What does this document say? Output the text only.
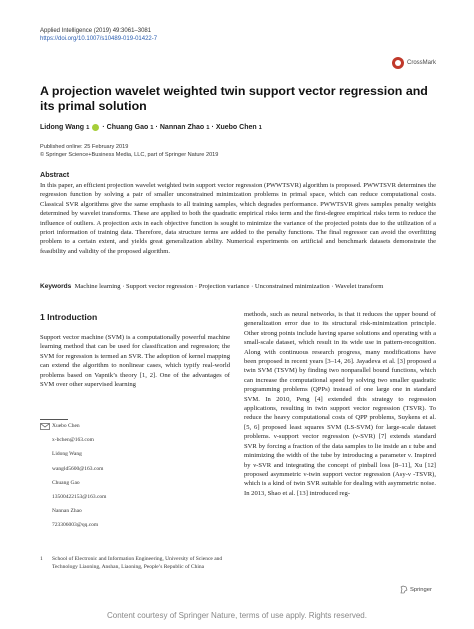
Applied Intelligence (2019) 49:3061–3081
https://doi.org/10.1007/s10489-019-01422-7
CrossMark
A projection wavelet weighted twin support vector regression and its primal solution
Lidong Wang 1 · Chuang Gao 1 · Nannan Zhao 1 · Xuebo Chen 1
Published online: 25 February 2019
© Springer Science+Business Media, LLC, part of Springer Nature 2019
Abstract
In this paper, an efficient projection wavelet weighted twin support vector regression (PWWTSVR) algorithm is proposed. PWWTSVR determines the regression function by solving a pair of smaller unconstrained minimization problems in primal space, which can reduce computational costs. Classical SVR algorithms give the same emphasis to all training samples, which degrades performance. PWWTSVR gives samples penalty weights determined by wavelet transforms. These are applied to both the quadratic empirical risks term and the first-degree empirical risks term to reduce the influence of outliers. A projection axis in each objective function is sought to minimize the variance of the projected points due to the utilization of a priori information of training data. Therefore, data structure terms are added to the penalty functions. The final regressor can avoid the overfitting problem to a certain extent, and yields great generalization ability. Numerical experiments on artificial and benchmark datasets demonstrate the feasibility and validity of the proposed algorithm.
Keywords Machine learning · Support vector regression · Projection variance · Unconstrained minimization · Wavelet transform
1 Introduction
Support vector machine (SVM) is a computationally powerful machine learning method that can be used for classification and regression; the SVM for regression is termed an SVR. The adoption of kernel mapping can extend the algorithm to nonlinear cases, which typify real-world problems based on Vapnik’s theory [1, 2]. One of the advantages of SVM over other supervised learning
methods, such as neural networks, is that it reduces the upper bound of generalization error due to its structural risk-minimization principle. Other strong points include having sparse solutions and operating with a small-scale dataset, which result in its wide use in pattern-recognition. Along with continuous research progress, many modifications have been proposed in recent years [3–14, 26]. Jayadeva et al. [3] proposed a twin SVM (TSVM) by finding two nonparallel bound functions, which can increase the computational speed by solving two smaller quadratic programming problems (QPPs) instead of one large one in standard SVM. In 2010, Peng [4] extended this strategy to regression applications, resulting in twin support vector regression (TSVR). To reduce the heavy computational costs of QPP problems, Suykens et al. [5, 6] proposed least squares SVM (LS-SVM) for large-scale dataset problems. ν-support vector regression (ν-SVR) [7] extends standard SVR by forcing a fraction of the data samples to lie inside an ε tube and minimizing the width of the tube by introducing a parameter ν. Inspired by ν-SVR and integrating the concept of pinball loss [8–11], Xu [12] proposed asymmetric ν-twin support vector regression (Asy-ν -TSVR), which is a kind of twin SVR suitable for dealing with asymmetric noise. In 2013, Shao et al. [13] introduced reg-
Xuebo Chen
x-bchen@163.com
Lidong Wang
wangld5600@163.com
Chuang Gao
13500422153@163.com
Nannan Zhao
723306003@qq.com
1 School of Electronic and Information Engineering, University of Science and Technology Liaoning, Anshan, Liaoning, People’s Republic of China
Springer
Content courtesy of Springer Nature, terms of use apply. Rights reserved.
